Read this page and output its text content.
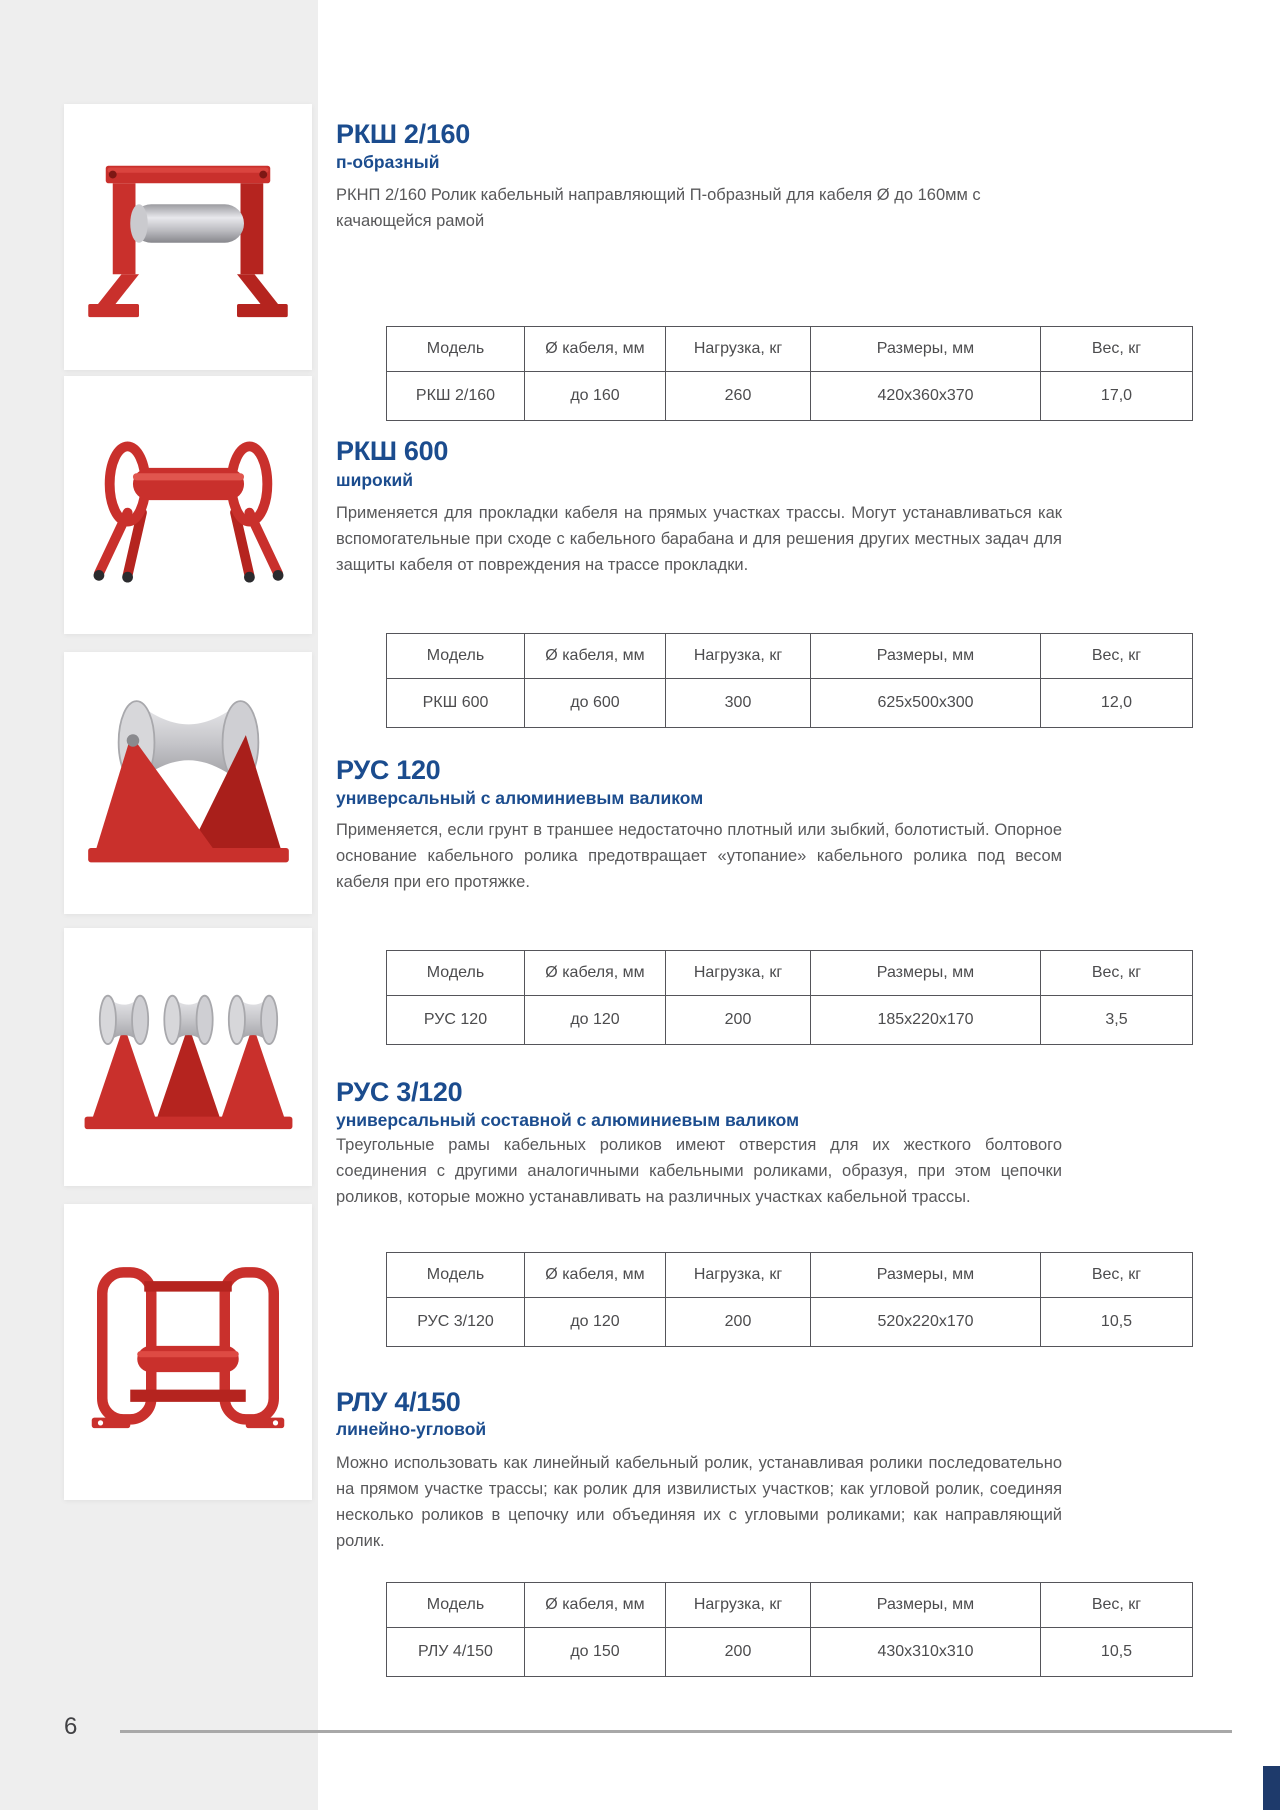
РКШ 2/160
п-образный

РКНП 2/160 Ролик кабельный направляющий П-образный для кабеля Ø до 160мм с качающейся рамой

Модель	Ø кабеля, мм	Нагрузка, кг	Размеры, мм	Вес, кг
РКШ 2/160	до 160	260	420x360x370	17,0
РКШ 600
широкий

Применяется для прокладки кабеля на прямых участках трассы. Могут устанавливаться как вспомогательные при сходе с кабельного барабана и для решения других местных задач для защиты кабеля от повреждения на трассе прокладки.

Модель	Ø кабеля, мм	Нагрузка, кг	Размеры, мм	Вес, кг
РКШ 600	до 600	300	625x500x300	12,0
РУС 120
универсальный с алюминиевым валиком

Применяется, если грунт в траншее недостаточно плотный или зыбкий, болотистый. Опорное основание кабельного ролика предотвращает «утопание» кабельного ролика под весом кабеля при его протяжке.

Модель	Ø кабеля, мм	Нагрузка, кг	Размеры, мм	Вес, кг
РУС 120	до 120	200	185x220x170	3,5
РУС 3/120
универсальный составной с алюминиевым валиком

Треугольные рамы кабельных роликов имеют отверстия для их жесткого болтового соединения с другими аналогичными кабельными роликами, образуя, при этом цепочки роликов, которые можно устанавливать на различных участках кабельной трассы.

Модель	Ø кабеля, мм	Нагрузка, кг	Размеры, мм	Вес, кг
РУС 3/120	до 120	200	520x220x170	10,5
РЛУ 4/150
линейно-угловой

Можно использовать как линейный кабельный ролик, устанавливая ролики последовательно на прямом участке трассы; как ролик для извилистых участков; как угловой ролик, соединяя несколько роликов в цепочку или объединяя их с угловыми роликами; как направляющий ролик.

Модель	Ø кабеля, мм	Нагрузка, кг	Размеры, мм	Вес, кг
РЛУ 4/150	до 150	200	430x310x310	10,5
6
